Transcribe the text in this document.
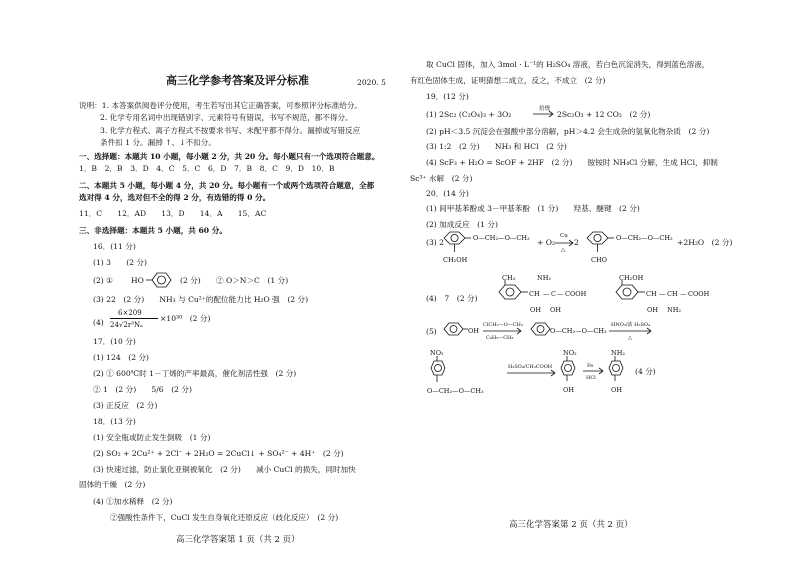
高三化学参考答案及评分标准	2020. 5
说明：1. 本答案供阅卷评分使用，考生若写出其它正确答案，可参照评分标准给分。
2. 化学专用名词中出现错别字、元素符号有错误，书写不规范，都不得分。
3. 化学方程式、离子方程式不按要求书写、未配平都不得分。漏掉或写错反应
条件扣 1 分。漏掉 ↑、↓不扣分。
一、选择题：本题共 10 小题，每小题 2 分，共 20 分。每小题只有一个选项符合题意。
1．B　2．B　3．D　4．C　5．C　6．D　7．B　8．C　9．D　10．B
二、本题共 5 小题，每小题 4 分，共 20 分。每小题有一个或两个选项符合题意，全都
选对得 4 分，选对但不全的得 2 分，有选错的得 0 分。
11．C　　12．AD　　13．D　　14．A　　15．AC
三、非选择题：本题共 5 小题，共 60 分。
16．(11 分)
(1) 3　　(2 分)
(2) ① HO	(2 分)　　② O＞N＞C　(1 分)
(3) 22　(2 分)　　NH₃ 与 Cu²⁺的配位能力比 H₂O 强　(2 分)
(4)
6×209
24√2r³Nₐ
×10³⁰　(2 分)
17．(10 分)
(1) 124　(2 分)
(2) ① 600℃时 1－丁烯的产率最高，催化剂活性强　(2 分)
② 1　(2 分)　　5/6　(2 分)
(3) 正反应　(2 分)
18．(13 分)
(1) 安全瓶或防止发生倒吸　(1 分)
(2) SO₂ + 2Cu²⁺ + 2Cl⁻ + 2H₂O = 2CuCl↓ + SO₄²⁻ + 4H⁺　(2 分)
(3) 快速过滤，防止氯化亚铜被氧化　(2 分)　　减小 CuCl 的损失，同时加快
固体的干燥　(2 分)
(4) ①加水稀释　(2 分)
②强酸性条件下，CuCl 发生自身氧化还原反应（歧化反应）　(2 分)
高三化学答案第 1 页（共 2 页）
取 CuCl 固体，加入 3mol · L⁻¹的 H₂SO₄ 溶液，若白色沉淀消失，得到蓝色溶液，
有红色固体生成，证明猜想二成立，反之，不成立　(2 分)
19．(12 分)
(1) 2Sc₂ (C₂O₄)₃ + 3O₂
焙烧
2Sc₂O₃ + 12 CO₂　(2 分)
(2) pH＜3.5 沉淀会在强酸中部分溶解，pH＞4.2 会生成杂的氢氧化物杂质　(2 分)
(3) 1:2　(2 分)　　NH₃ 和 HCl　(2 分)
(4) ScF₃ + H₂O = ScOF + 2HF　(2 分)　　胺铵时 NH₄Cl 分解，生成 HCl，抑制
Sc³⁺ 水解　(2 分)
20．(14 分)
(1) 间甲基苯酚或 3－甲基苯酚　(1 分)　　羟基、醚键　(2 分)
(2) 加成反应　(1 分)
(3) 2	O—CH₂—O—CH₃
CH₂OH
+ O₂
Cu
△
2	O—CH₂—O—CH₃
CHO
+2H₂O　(2 分)
(4)　7　(2 分)
CH₃	NH₂
CH — C — COOH
OH OH
CH₂OH
CH — CH — COOH
OH NH₂
(5)	OH
ClCH₂—O—CH₃
C₆H₅—CH₃
O—CH₂—O—CH₃
HNO₃/浓 H₂SO₄
△
NO₂
O—CH₂—O—CH₃
H₂SO₄/CH₃COOH
NO₂
OH
Fe
HCl
NH₂
OH
(4 分)
高三化学答案第 2 页（共 2 页）
